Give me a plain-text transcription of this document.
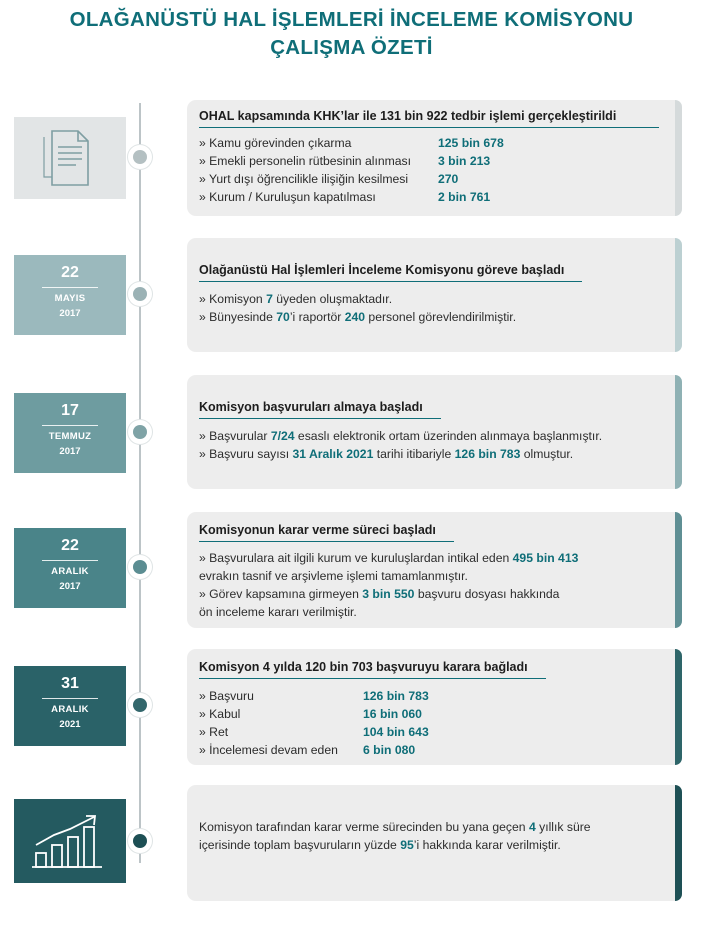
OLAĞANÜSTÜ HAL İŞLEMLERİ İNCELEME KOMİSYONU
ÇALIŞMA ÖZETİ
OHAL kapsamında KHK’lar ile 131 bin 922 tedbir işlemi gerçekleştirildi
» Kamu görevinden çıkarma	125 bin 678
» Emekli personelin rütbesinin alınması	3 bin 213
» Yurt dışı öğrencilikle ilişiğin kesilmesi	270
» Kurum / Kuruluşun kapatılması	2 bin 761
22
MAYIS
2017
Olağanüstü Hal İşlemleri İnceleme Komisyonu göreve başladı
» Komisyon 7 üyeden oluşmaktadır.
» Bünyesinde 70’i raportör 240 personel görevlendirilmiştir.
17
TEMMUZ
2017
Komisyon başvuruları almaya başladı
» Başvurular 7/24 esaslı elektronik ortam üzerinden alınmaya başlanmıştır.
» Başvuru sayısı 31 Aralık 2021 tarihi itibariyle 126 bin 783 olmuştur.
22
ARALIK
2017
Komisyonun karar verme süreci başladı
» Başvurulara ait ilgili kurum ve kuruluşlardan intikal eden 495 bin 413
evrakın tasnif ve arşivleme işlemi tamamlanmıştır.
» Görev kapsamına girmeyen 3 bin 550 başvuru dosyası hakkında
ön inceleme kararı verilmiştir.
31
ARALIK
2021
Komisyon 4 yılda 120 bin 703 başvuruyu karara bağladı
» Başvuru	126 bin 783
» Kabul	16 bin 060
» Ret	104 bin 643
» İncelemesi devam eden	6 bin 080
Komisyon tarafından karar verme sürecinden bu yana geçen 4 yıllık süre
içerisinde toplam başvuruların yüzde 95’i hakkında karar verilmiştir.
